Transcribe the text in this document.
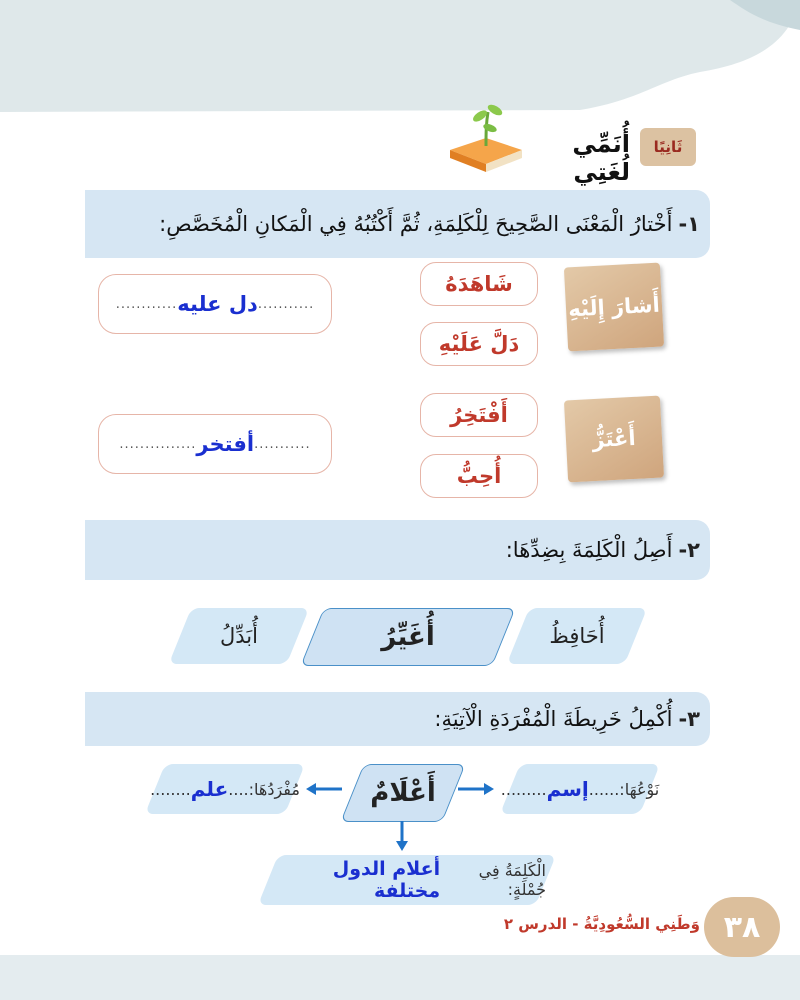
ثَانِيًا
أُنَمِّي لُغَتِي
١-
أَخْتارُ الْمَعْنَى الصَّحِيحَ لِلْكَلِمَةِ، ثُمَّ أَكْتُبُهُ فِي الْمَكانِ الْمُخَصَّصِ:
أَشارَ إِلَيْهِ
شَاهَدَهُ
دَلَّ عَلَيْهِ
...........
دل عليه
............
أَعْتَزُّ
أَفْتَخِرُ
أُحِبُّ
...........
أفتخر
...............
٢-
أَصِلُ الْكَلِمَةَ بِضِدِّهَا:
أُحَافِظُ
أُغَيِّرُ
أُبَدِّلُ
٣-
أُكْمِلُ خَرِيطَةَ الْمُفْرَدَةِ الْآتِيَةِ:
أَعْلَامٌ	نَوْعُهَا:
......
إسم
.........
مُفْرَدُهَا:
....
علم
........
الْكَلِمَةُ فِي جُمْلَةٍ:
أعلام الدول مختلفة
٣٨
وَطَنِي السُّعُودِيَّةُ - الدرس ٢
